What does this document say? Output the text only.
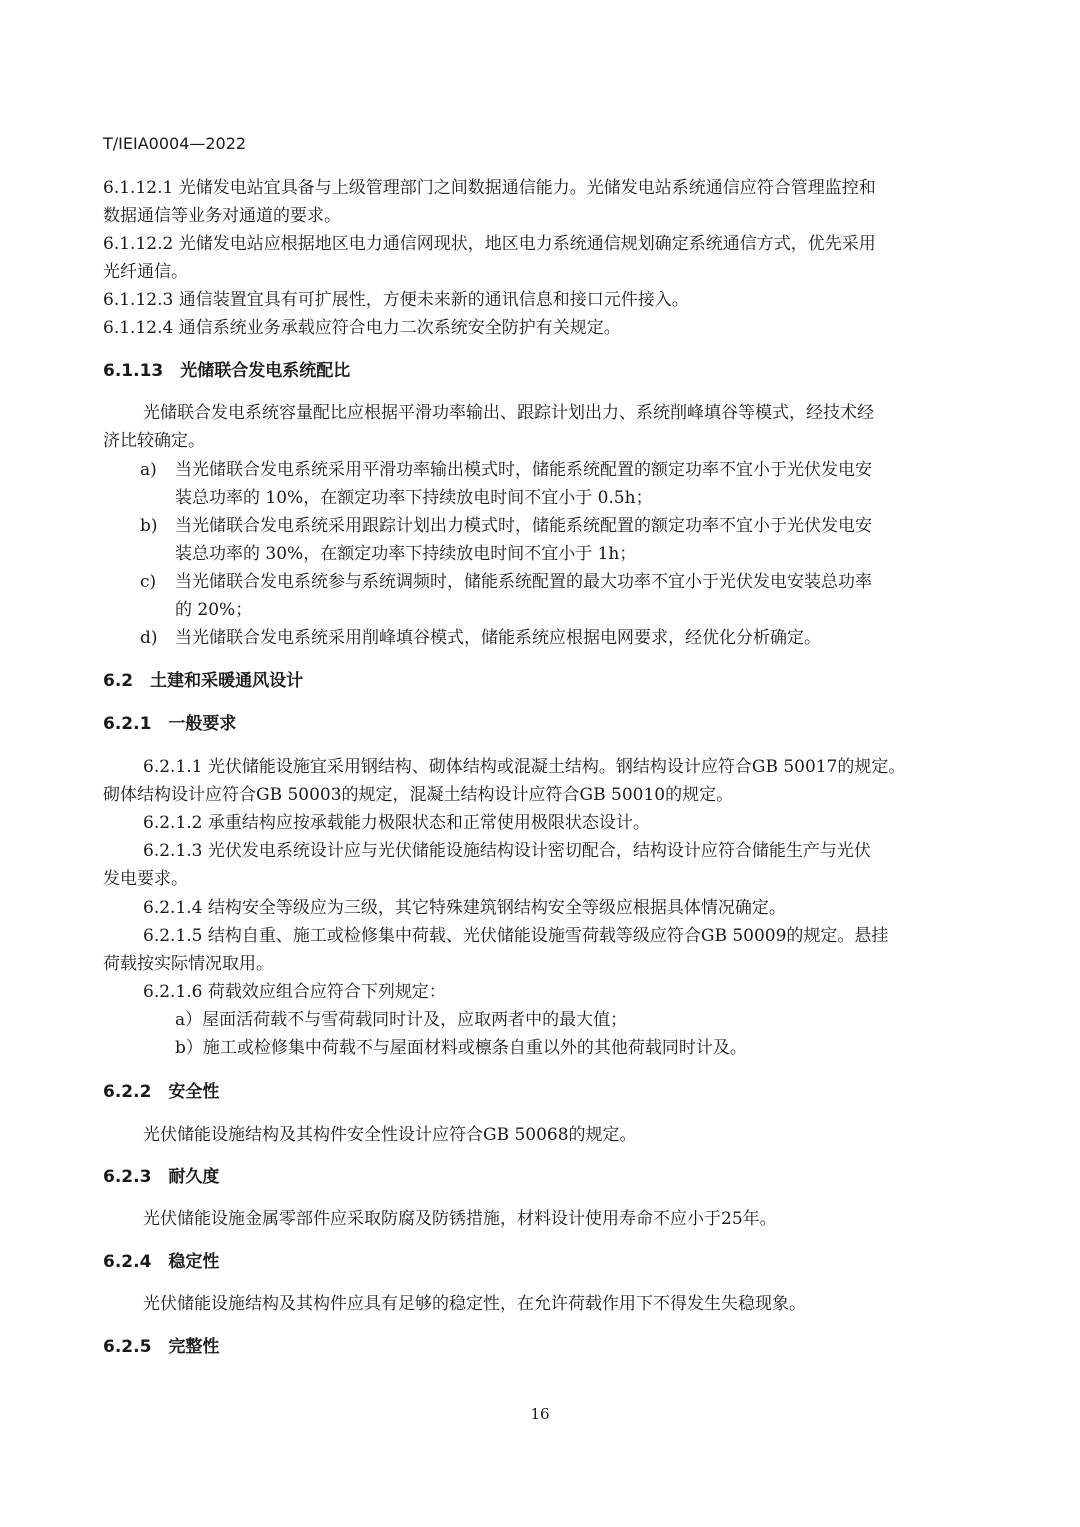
T/IEIA0004—2022
6.1.12.1 光储发电站宜具备与上级管理部门之间数据通信能力。光储发电站系统通信应符合管理监控和
数据通信等业务对通道的要求。
6.1.12.2 光储发电站应根据地区电力通信网现状，地区电力系统通信规划确定系统通信方式，优先采用
光纤通信。
6.1.12.3 通信装置宜具有可扩展性，方便未来新的通讯信息和接口元件接入。
6.1.12.4 通信系统业务承载应符合电力二次系统安全防护有关规定。
6.1.13　光储联合发电系统配比
光储联合发电系统容量配比应根据平滑功率输出、跟踪计划出力、系统削峰填谷等模式，经技术经
济比较确定。
a) 当光储联合发电系统采用平滑功率输出模式时，储能系统配置的额定功率不宜小于光伏发电安
装总功率的 10%，在额定功率下持续放电时间不宜小于 0.5h；
b) 当光储联合发电系统采用跟踪计划出力模式时，储能系统配置的额定功率不宜小于光伏发电安
装总功率的 30%，在额定功率下持续放电时间不宜小于 1h；
c) 当光储联合发电系统参与系统调频时，储能系统配置的最大功率不宜小于光伏发电安装总功率
的 20%；
d) 当光储联合发电系统采用削峰填谷模式，储能系统应根据电网要求，经优化分析确定。
6.2　土建和采暖通风设计
6.2.1　一般要求
6.2.1.1 光伏储能设施宜采用钢结构、砌体结构或混凝土结构。钢结构设计应符合GB 50017的规定。
砌体结构设计应符合GB 50003的规定，混凝土结构设计应符合GB 50010的规定。
6.2.1.2 承重结构应按承载能力极限状态和正常使用极限状态设计。
6.2.1.3 光伏发电系统设计应与光伏储能设施结构设计密切配合，结构设计应符合储能生产与光伏
发电要求。
6.2.1.4 结构安全等级应为三级，其它特殊建筑钢结构安全等级应根据具体情况确定。
6.2.1.5 结构自重、施工或检修集中荷载、光伏储能设施雪荷载等级应符合GB 50009的规定。悬挂
荷载按实际情况取用。
6.2.1.6 荷载效应组合应符合下列规定：
a）屋面活荷载不与雪荷载同时计及，应取两者中的最大值；
b）施工或检修集中荷载不与屋面材料或檩条自重以外的其他荷载同时计及。
6.2.2　安全性
光伏储能设施结构及其构件安全性设计应符合GB 50068的规定。
6.2.3　耐久度
光伏储能设施金属零部件应采取防腐及防锈措施，材料设计使用寿命不应小于25年。
6.2.4　稳定性
光伏储能设施结构及其构件应具有足够的稳定性，在允许荷载作用下不得发生失稳现象。
6.2.5　完整性
16
